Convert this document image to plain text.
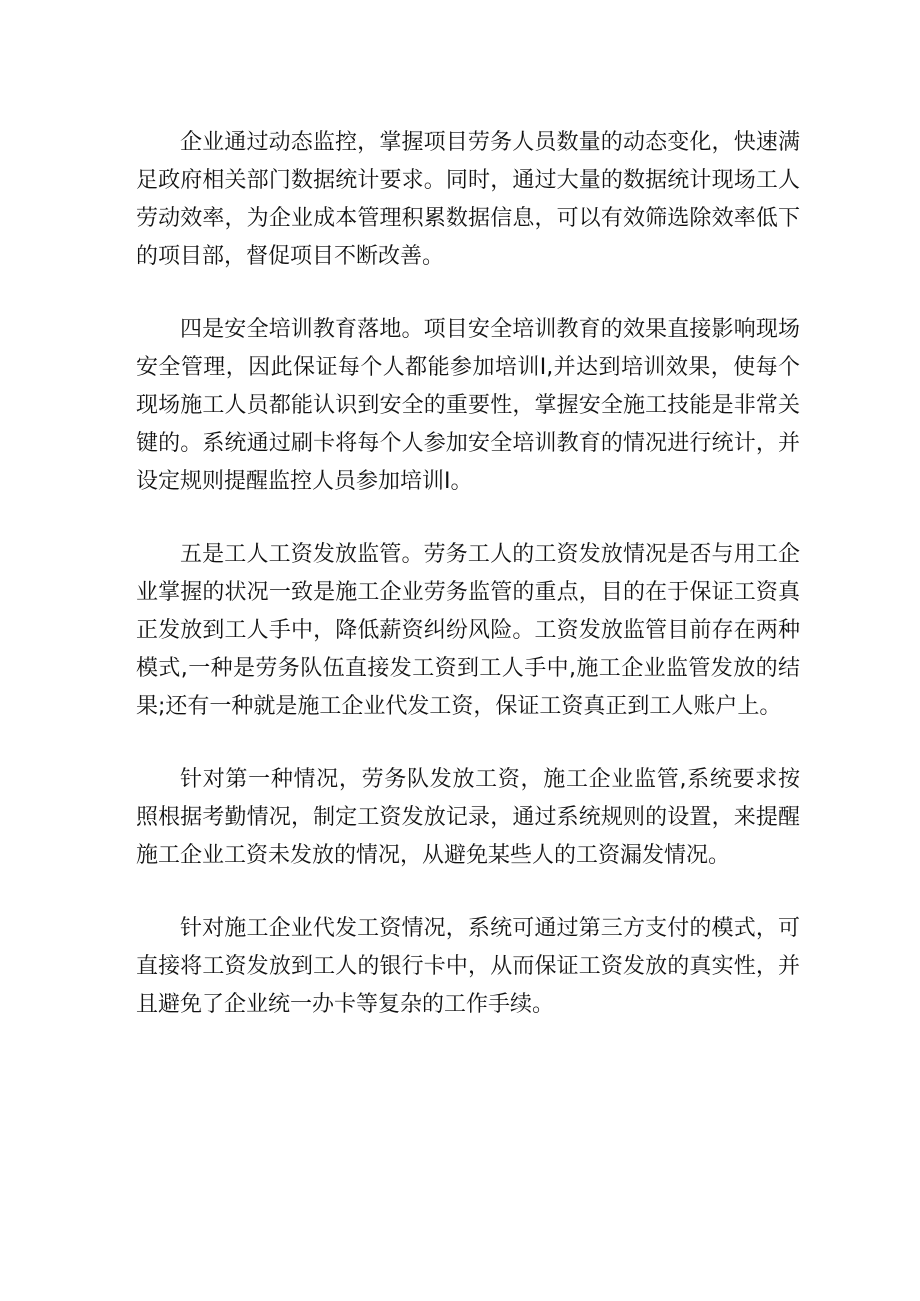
企业通过动态监控，掌握项目劳务人员数量的动态变化，快速满足政府相关部门数据统计要求。同时，通过大量的数据统计现场工人劳动效率，为企业成本管理积累数据信息，可以有效筛选除效率低下的项目部，督促项目不断改善。

四是安全培训教育落地。项目安全培训教育的效果直接影响现场安全管理，因此保证每个人都能参加培训I,并达到培训效果，使每个现场施工人员都能认识到安全的重要性，掌握安全施工技能是非常关键的。系统通过刷卡将每个人参加安全培训教育的情况进行统计，并设定规则提醒监控人员参加培训I。

五是工人工资发放监管。劳务工人的工资发放情况是否与用工企业掌握的状况一致是施工企业劳务监管的重点，目的在于保证工资真正发放到工人手中，降低薪资纠纷风险。工资发放监管目前存在两种模式,一种是劳务队伍直接发工资到工人手中,施工企业监管发放的结果;还有一种就是施工企业代发工资，保证工资真正到工人账户上。

针对第一种情况，劳务队发放工资，施工企业监管,系统要求按照根据考勤情况，制定工资发放记录，通过系统规则的设置，来提醒施工企业工资未发放的情况，从避免某些人的工资漏发情况。

针对施工企业代发工资情况，系统可通过第三方支付的模式，可直接将工资发放到工人的银行卡中，从而保证工资发放的真实性，并且避免了企业统一办卡等复杂的工作手续。
